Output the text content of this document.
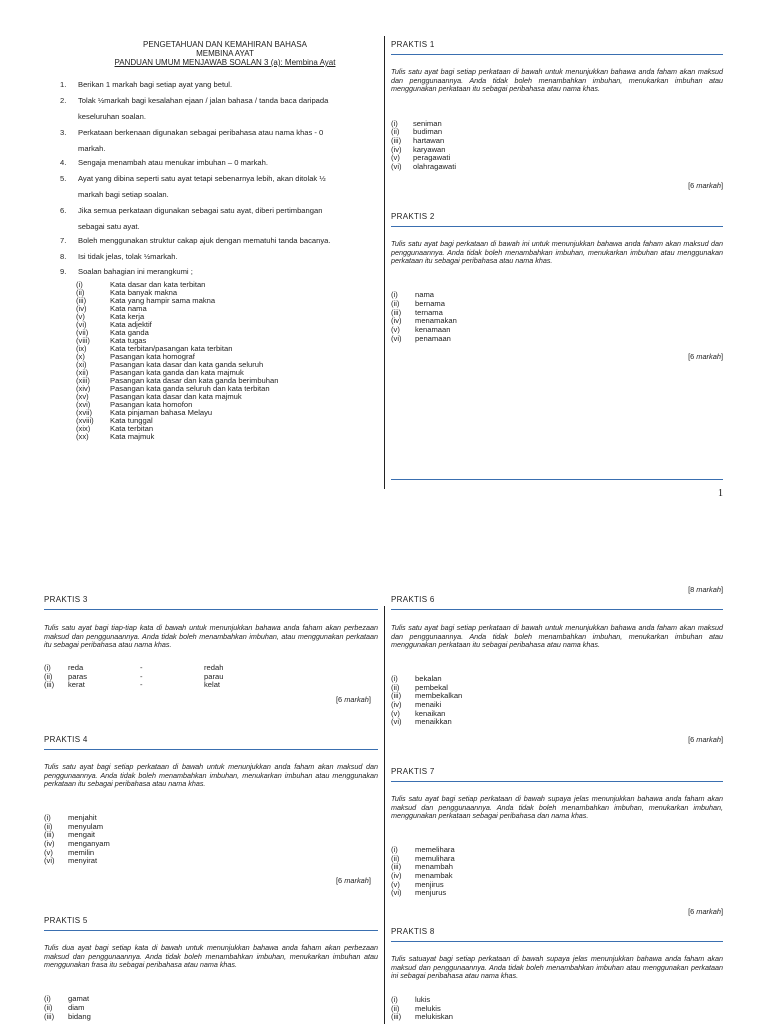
PENGETAHUAN DAN KEMAHIRAN BAHASA
MEMBINA AYAT
PANDUAN UMUM MENJAWAB SOALAN 3 (a): Membina Ayat
1. Berikan 1 markah bagi setiap ayat yang betul.
2. Tolak ½markah bagi kesalahan ejaan / jalan bahasa / tanda baca daripada
keseluruhan soalan.
3. Perkataan berkenaan digunakan sebagai peribahasa atau nama khas - 0
markah.
4. Sengaja menambah atau menukar imbuhan – 0 markah.
5. Ayat yang dibina seperti satu ayat tetapi sebenarnya lebih, akan ditolak ½
markah bagi setiap soalan.
6. Jika semua perkataan digunakan sebagai satu ayat, diberi pertimbangan
sebagai satu ayat.
7. Boleh menggunakan struktur cakap ajuk dengan mematuhi tanda bacanya.
8. Isi tidak jelas, tolak ½markah.
9. Soalan bahagian ini merangkumi ;
(i)	Kata dasar dan kata terbitan
(ii)	Kata banyak makna
(iii)	Kata yang hampir sama makna
(iv)	Kata nama
(v)	Kata kerja
(vi)	Kata adjektif
(vii)	Kata ganda
(viii)	Kata tugas
(ix)	Kata terbitan/pasangan kata terbitan
(x)	Pasangan kata homograf
(xi)	Pasangan kata dasar dan kata ganda seluruh
(xii)	Pasangan kata ganda dan kata majmuk
(xiii)	Pasangan kata dasar dan kata ganda berimbuhan
(xiv)	Pasangan kata ganda seluruh dan kata terbitan
(xv)	Pasangan kata dasar dan kata majmuk
(xvi)	Pasangan kata homofon
(xvii) Kata pinjaman bahasa Melayu
(xviii) Kata tunggal
(xix)	Kata terbitan
(xx)	Kata majmuk
PRAKTIS 1
Tulis satu ayat bagi setiap perkataan di bawah untuk menunjukkan bahawa anda faham akan maksud dan penggunaannya. Anda tidak boleh menambahkan imbuhan, menukarkan imbuhan atau menggunakan perkataan itu sebagai peribahasa atau nama khas.
(i) seniman
(ii) budiman
(iii) hartawan
(iv) karyawan
(v) peragawati
(vi) olahragawati
[6 markah]
PRAKTIS 2
Tulis satu ayat bagi perkataan di bawah ini untuk menunjukkan bahawa anda faham akan maksud dan penggunaannya. Anda tidak boleh menambahkan imbuhan, menukarkan imbuhan atau menggunakan perkataan itu sebagai peribahasa atau nama khas.
(i) nama
(ii) bernama
(iii) ternama
(iv) menamakan
(v) kenamaan
(vi) penamaan
[6 markah]
1
[8 markah]
PRAKTIS 3
Tulis satu ayat bagi tiap-tiap kata di bawah untuk menunjukkan bahawa anda faham akan perbezaan maksud dan penggunaannya. Anda tidak boleh menambahkan imbuhan, atau menggunakan perkataan itu sebagai peribahasa atau nama khas.
(i) reda	-	redah
(ii) paras	-	parau
(iii) kerat	-	kelat
[6 markah]
PRAKTIS 4
Tulis satu ayat bagi setiap perkataan di bawah untuk menunjukkan anda faham akan maksud dan penggunaannya. Anda tidak boleh menambahkan imbuhan, menukarkan imbuhan atau menggunakan perkataan itu sebagai peribahasa atau nama khas.
(i) menjahit
(ii) menyulam
(iii) mengait
(iv) menganyam
(v) memilin
(vi) menyirat
[6 markah]
PRAKTIS 5
Tulis dua ayat bagi setiap kata di bawah untuk menunjukkan bahawa anda faham akan perbezaan maksud dan penggunaannya. Anda tidak boleh menambahkan imbuhan, menukarkan imbuhan atau menggunakan frasa itu sebagai peribahasa atau nama khas.
(i) gamat
(ii) diam
(iii) bidang
PRAKTIS 6
Tulis satu ayat bagi setiap perkataan di bawah untuk menunjukkan bahawa anda faham akan maksud dan penggunaannya. Anda tidak boleh menambahkan imbuhan, menukarkan imbuhan atau menggunakan perkataan itu sebagai peribahasa atau nama khas.
(i) bekalan
(ii) pembekal
(iii) membekalkan
(iv) menaiki
(v) kenaikan
(vi) menaikkan
[6 markah]
PRAKTIS 7
Tulis satu ayat bagi setiap perkataan di bawah supaya jelas menunjukkan bahawa anda faham akan maksud dan penggunaannya. Anda tidak boleh menambahkan imbuhan, menukarkan imbuhan, menggunakan perkataan sebagai peribahasa dan nama khas.
(i) memelihara
(ii) memulihara
(iii) menambah
(iv) menambak
(v) menjirus
(vi) menjurus
[6 markah]
PRAKTIS 8
Tulis satuayat bagi setiap perkataan di bawah supaya jelas menunjukkan bahawa anda faham akan maksud dan penggunaannya. Anda tidak boleh menambahkan imbuhan atau menggunakan perkataan ini sebagai peribahasa atau nama khas.
(i) lukis
(ii) melukis
(iii) melukiskan
